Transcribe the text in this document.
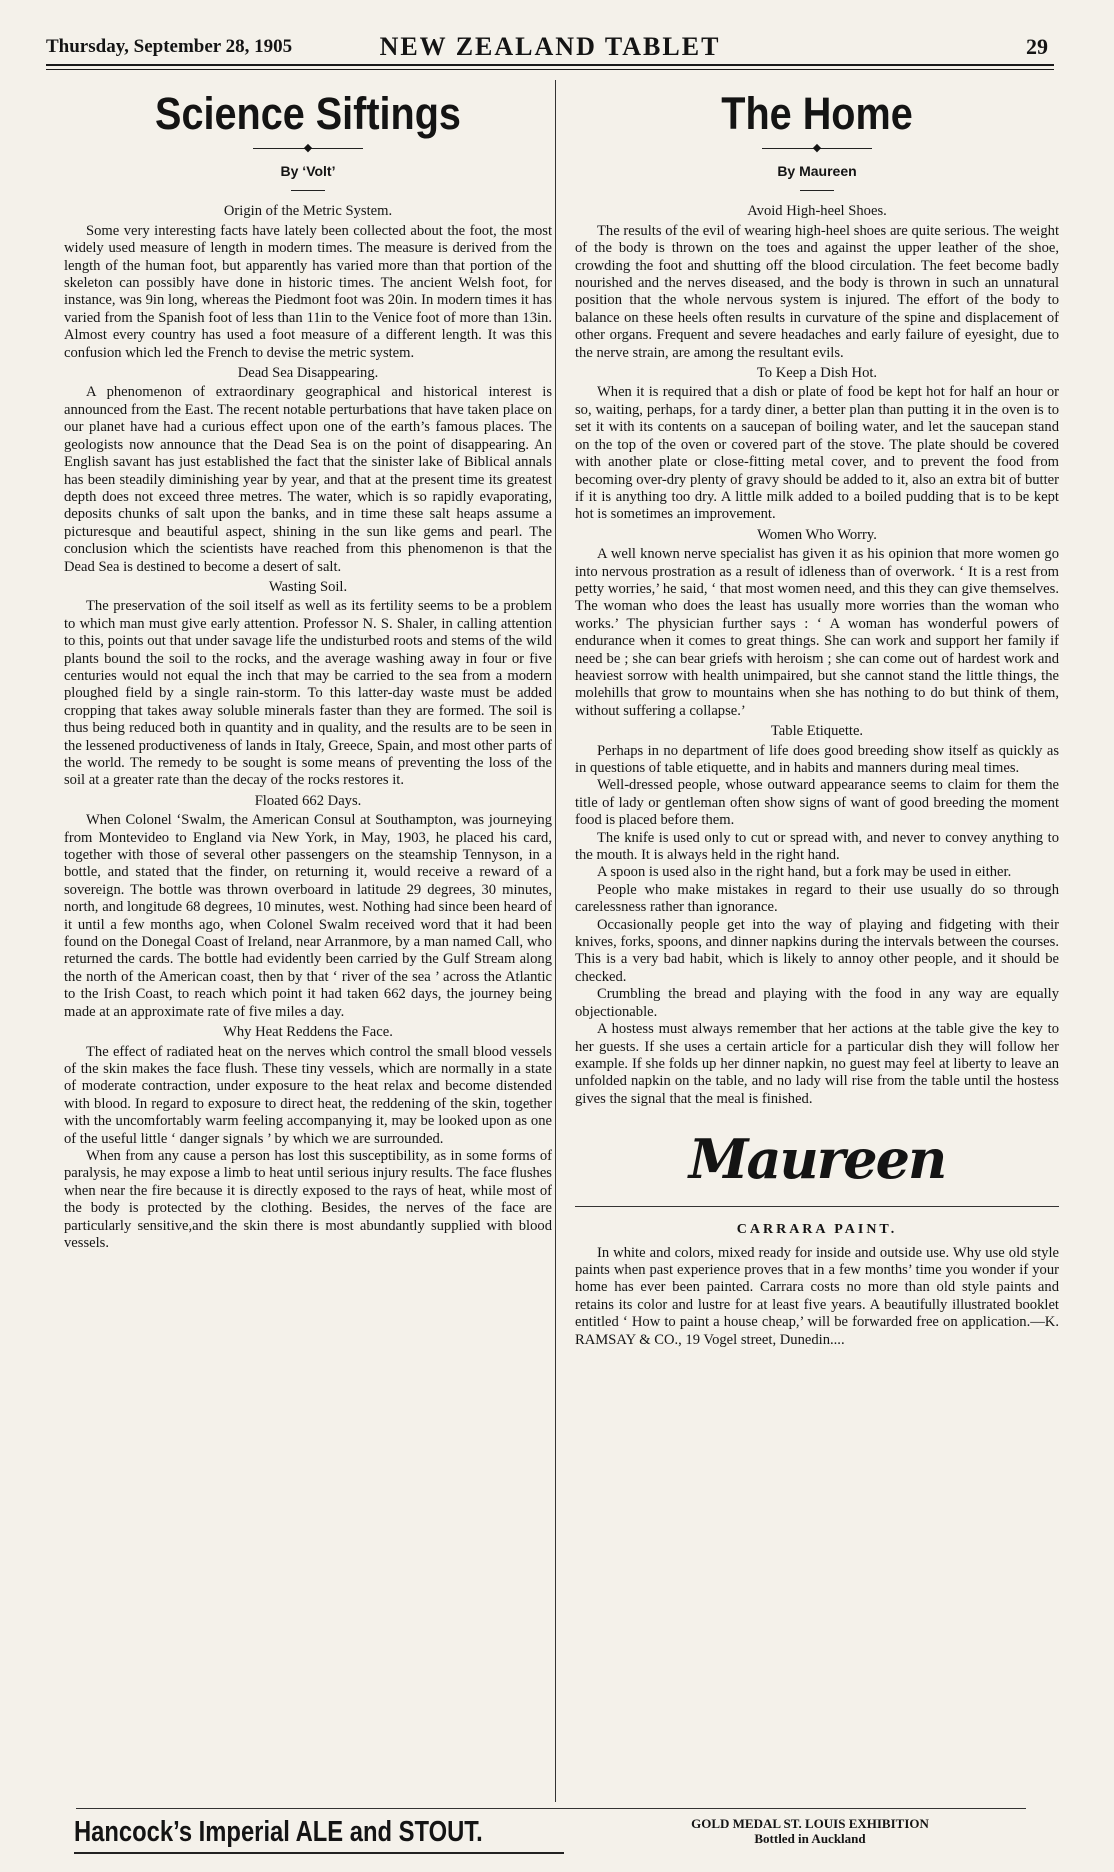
Thursday, September 28, 1905	NEW ZEALAND TABLET	29
Science Siftings
◆
By ‘Volt’
Origin of the Metric System.

Some very interesting facts have lately been collected about the foot, the most widely used measure of length in modern times. The measure is derived from the length of the human foot, but apparently has varied more than that portion of the skeleton can possibly have done in historic times. The ancient Welsh foot, for instance, was 9in long, whereas the Piedmont foot was 20in. In modern times it has varied from the Spanish foot of less than 11in to the Venice foot of more than 13in. Almost every country has used a foot measure of a different length. It was this confusion which led the French to devise the metric system.

Dead Sea Disappearing.

A phenomenon of extraordinary geographical and historical interest is announced from the East. The recent notable perturbations that have taken place on our planet have had a curious effect upon one of the earth’s famous places. The geologists now announce that the Dead Sea is on the point of disappearing. An English savant has just established the fact that the sinister lake of Biblical annals has been steadily diminishing year by year, and that at the present time its greatest depth does not exceed three metres. The water, which is so rapidly evaporating, deposits chunks of salt upon the banks, and in time these salt heaps assume a picturesque and beautiful aspect, shining in the sun like gems and pearl. The conclusion which the scientists have reached from this phenomenon is that the Dead Sea is destined to become a desert of salt.

Wasting Soil.

The preservation of the soil itself as well as its fertility seems to be a problem to which man must give early attention. Professor N. S. Shaler, in calling attention to this, points out that under savage life the undisturbed roots and stems of the wild plants bound the soil to the rocks, and the average washing away in four or five centuries would not equal the inch that may be carried to the sea from a modern ploughed field by a single rain-storm. To this latter-day waste must be added cropping that takes away soluble minerals faster than they are formed. The soil is thus being reduced both in quantity and in quality, and the results are to be seen in the lessened productiveness of lands in Italy, Greece, Spain, and most other parts of the world. The remedy to be sought is some means of preventing the loss of the soil at a greater rate than the decay of the rocks restores it.

Floated 662 Days.

When Colonel ‘Swalm, the American Consul at Southampton, was journeying from Montevideo to England via New York, in May, 1903, he placed his card, together with those of several other passengers on the steamship Tennyson, in a bottle, and stated that the finder, on returning it, would receive a reward of a sovereign. The bottle was thrown overboard in latitude 29 degrees, 30 minutes, north, and longitude 68 degrees, 10 minutes, west. Nothing had since been heard of it until a few months ago, when Colonel Swalm received word that it had been found on the Donegal Coast of Ireland, near Arranmore, by a man named Call, who returned the cards. The bottle had evidently been carried by the Gulf Stream along the north of the American coast, then by that ‘ river of the sea ’ across the Atlantic to the Irish Coast, to reach which point it had taken 662 days, the journey being made at an approximate rate of five miles a day.

Why Heat Reddens the Face.

The effect of radiated heat on the nerves which control the small blood vessels of the skin makes the face flush. These tiny vessels, which are normally in a state of moderate contraction, under exposure to the heat relax and become distended with blood. In regard to exposure to direct heat, the reddening of the skin, together with the uncomfortably warm feeling accompanying it, may be looked upon as one of the useful little ‘ danger signals ’ by which we are surrounded.

When from any cause a person has lost this susceptibility, as in some forms of paralysis, he may expose a limb to heat until serious injury results. The face flushes when near the fire because it is directly exposed to the rays of heat, while most of the body is protected by the clothing. Besides, the nerves of the face are particularly sensitive,and the skin there is most abundantly supplied with blood vessels.

The Home
◆
By Maureen
Avoid High-heel Shoes.

The results of the evil of wearing high-heel shoes are quite serious. The weight of the body is thrown on the toes and against the upper leather of the shoe, crowding the foot and shutting off the blood circulation. The feet become badly nourished and the nerves diseased, and the body is thrown in such an unnatural position that the whole nervous system is injured. The effort of the body to balance on these heels often results in curvature of the spine and displacement of other organs. Frequent and severe headaches and early failure of eyesight, due to the nerve strain, are among the resultant evils.

To Keep a Dish Hot.

When it is required that a dish or plate of food be kept hot for half an hour or so, waiting, perhaps, for a tardy diner, a better plan than putting it in the oven is to set it with its contents on a saucepan of boiling water, and let the saucepan stand on the top of the oven or covered part of the stove. The plate should be covered with another plate or close-fitting metal cover, and to prevent the food from becoming over-dry plenty of gravy should be added to it, also an extra bit of butter if it is anything too dry. A little milk added to a boiled pudding that is to be kept hot is sometimes an improvement.

Women Who Worry.

A well known nerve specialist has given it as his opinion that more women go into nervous prostration as a result of idleness than of overwork. ‘ It is a rest from petty worries,’ he said, ‘ that most women need, and this they can give themselves. The woman who does the least has usually more worries than the woman who works.’ The physician further says : ‘ A woman has wonderful powers of endurance when it comes to great things. She can work and support her family if need be ; she can bear griefs with heroism ; she can come out of hardest work and heaviest sorrow with health unimpaired, but she cannot stand the little things, the molehills that grow to mountains when she has nothing to do but think of them, without suffering a collapse.’

Table Etiquette.

Perhaps in no department of life does good breeding show itself as quickly as in questions of table etiquette, and in habits and manners during meal times.

Well-dressed people, whose outward appearance seems to claim for them the title of lady or gentleman often show signs of want of good breeding the moment food is placed before them.

The knife is used only to cut or spread with, and never to convey anything to the mouth. It is always held in the right hand.

A spoon is used also in the right hand, but a fork may be used in either.

People who make mistakes in regard to their use usually do so through carelessness rather than ignorance.

Occasionally people get into the way of playing and fidgeting with their knives, forks, spoons, and dinner napkins during the intervals between the courses. This is a very bad habit, which is likely to annoy other people, and it should be checked.

Crumbling the bread and playing with the food in any way are equally objectionable.

A hostess must always remember that her actions at the table give the key to her guests. If she uses a certain article for a particular dish they will follow her example. If she folds up her dinner napkin, no guest may feel at liberty to leave an unfolded napkin on the table, and no lady will rise from the table until the hostess gives the signal that the meal is finished.

Maureen
CARRARA PAINT.

In white and colors, mixed ready for inside and outside use. Why use old style paints when past experience proves that in a few months’ time you wonder if your home has ever been painted. Carrara costs no more than old style paints and retains its color and lustre for at least five years. A beautifully illustrated booklet entitled ‘ How to paint a house cheap,’ will be forwarded free on application.—K. RAMSAY & CO., 19 Vogel street, Dunedin....

Hancock’s Imperial ALE and STOUT.	GOLD MEDAL ST. LOUIS EXHIBITION
Bottled in Auckland
